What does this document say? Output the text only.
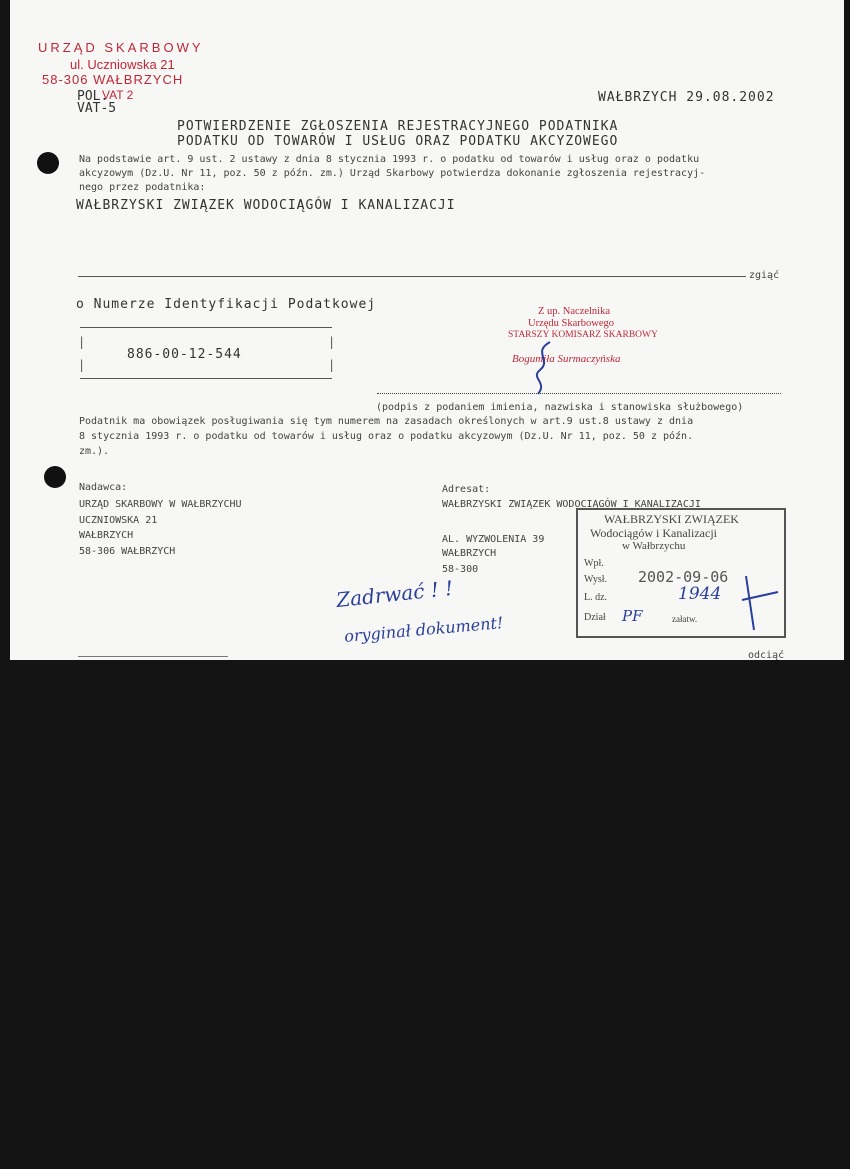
URZĄD SKARBOWY
ul. Uczniowska 21
58-306 WAŁBRZYCH
POL.
VAT 2
VAT-5
WAŁBRZYCH 29.08.2002
POTWIERDZENIE ZGŁOSZENIA REJESTRACYJNEGO PODATNIKA
PODATKU OD TOWARÓW I USŁUG ORAZ PODATKU AKCYZOWEGO
Na podstawie art. 9 ust. 2 ustawy z dnia 8 stycznia 1993 r. o podatku od towarów i usług oraz o podatku
akcyzowym (Dz.U. Nr 11, poz. 50 z późn. zm.) Urząd Skarbowy potwierdza dokonanie zgłoszenia rejestracyj-
nego przez podatnika:
WAŁBRZYSKI ZWIĄZEK WODOCIĄGÓW I KANALIZACJI
zgiąć
o Numerze Identyfikacji Podatkowej
|
|
|
|
886-00-12-544
Z up. Naczelnika
Urzędu Skarbowego
STARSZY KOMISARZ SKARBOWY
Bogumiła Surmaczyńska
(podpis z podaniem imienia, nazwiska i stanowiska służbowego)
Podatnik ma obowiązek posługiwania się tym numerem na zasadach określonych w art.9 ust.8 ustawy z dnia
8 stycznia 1993 r. o podatku od towarów i usług oraz o podatku akcyzowym (Dz.U. Nr 11, poz. 50 z późn.
zm.).
Nadawca:
URZĄD SKARBOWY W WAŁBRZYCHU
UCZNIOWSKA 21
WAŁBRZYCH
58-306 WAŁBRZYCH
Adresat:
WAŁBRZYSKI ZWIĄZEK WODOCIĄGÓW I KANALIZACJI
AL. WYZWOLENIA 39
WAŁBRZYCH
58-300
WAŁBRZYSKI ZWIĄZEK
Wodociągów i Kanalizacji
w Wałbrzychu
Wpł.
Wysł. 2002-09-06
L. dz.	1944
Dział PF	załatw.
Zadrwać ! !
oryginał dokument!
odciąć
